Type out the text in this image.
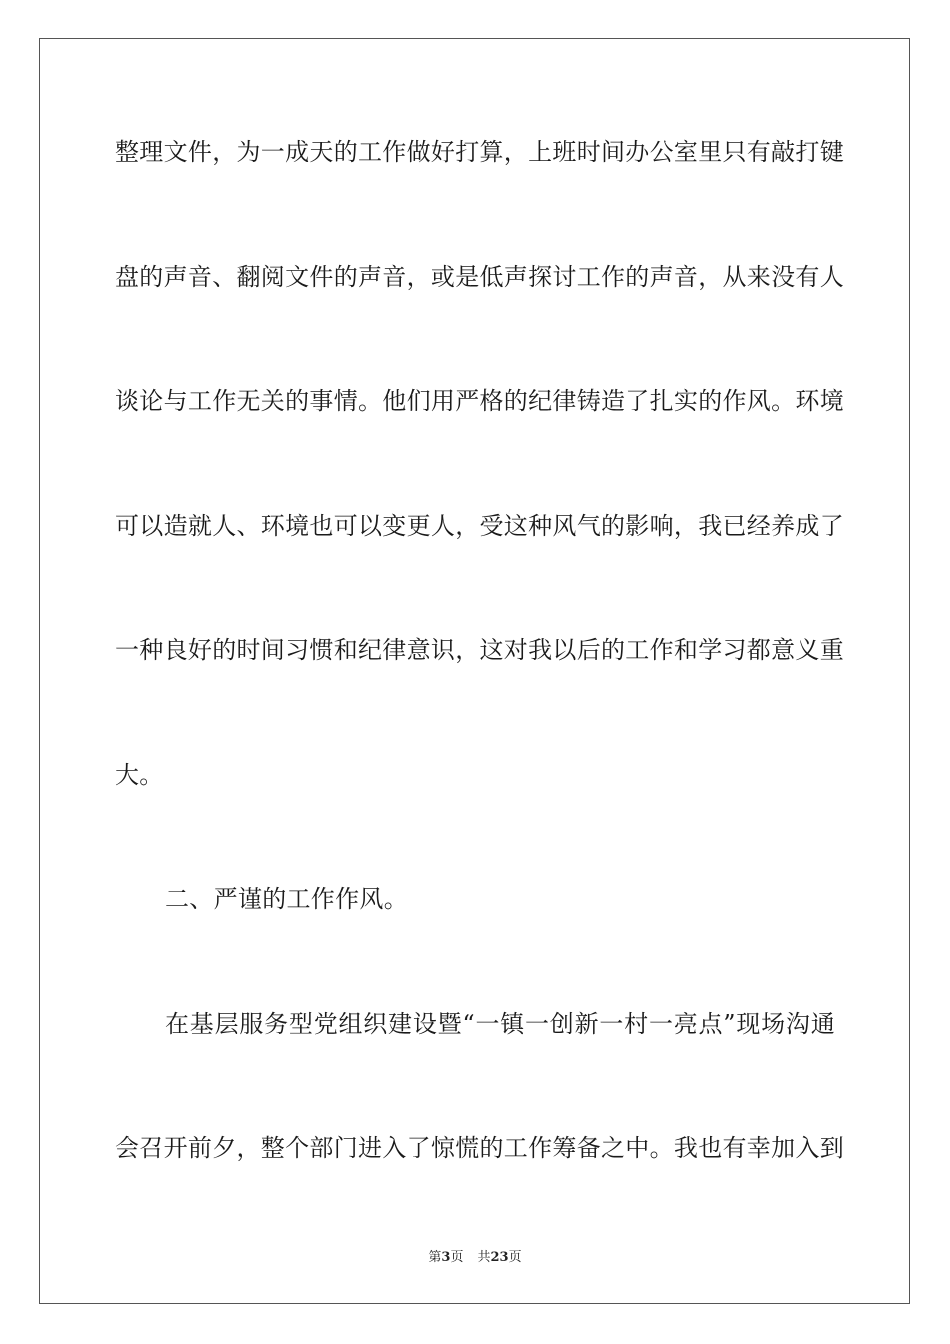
整理文件，为一成天的工作做好打算，上班时间办公室里只有敲打键
盘的声音、翻阅文件的声音，或是低声探讨工作的声音，从来没有人
谈论与工作无关的事情。他们用严格的纪律铸造了扎实的作风。环境
可以造就人、环境也可以变更人，受这种风气的影响，我已经养成了
一种良好的时间习惯和纪律意识，这对我以后的工作和学习都意义重
大。
二、严谨的工作作风。
在基层服务型党组织建设暨“一镇一创新一村一亮点”现场沟通
会召开前夕，整个部门进入了惊慌的工作筹备之中。我也有幸加入到
第3页 共23页
